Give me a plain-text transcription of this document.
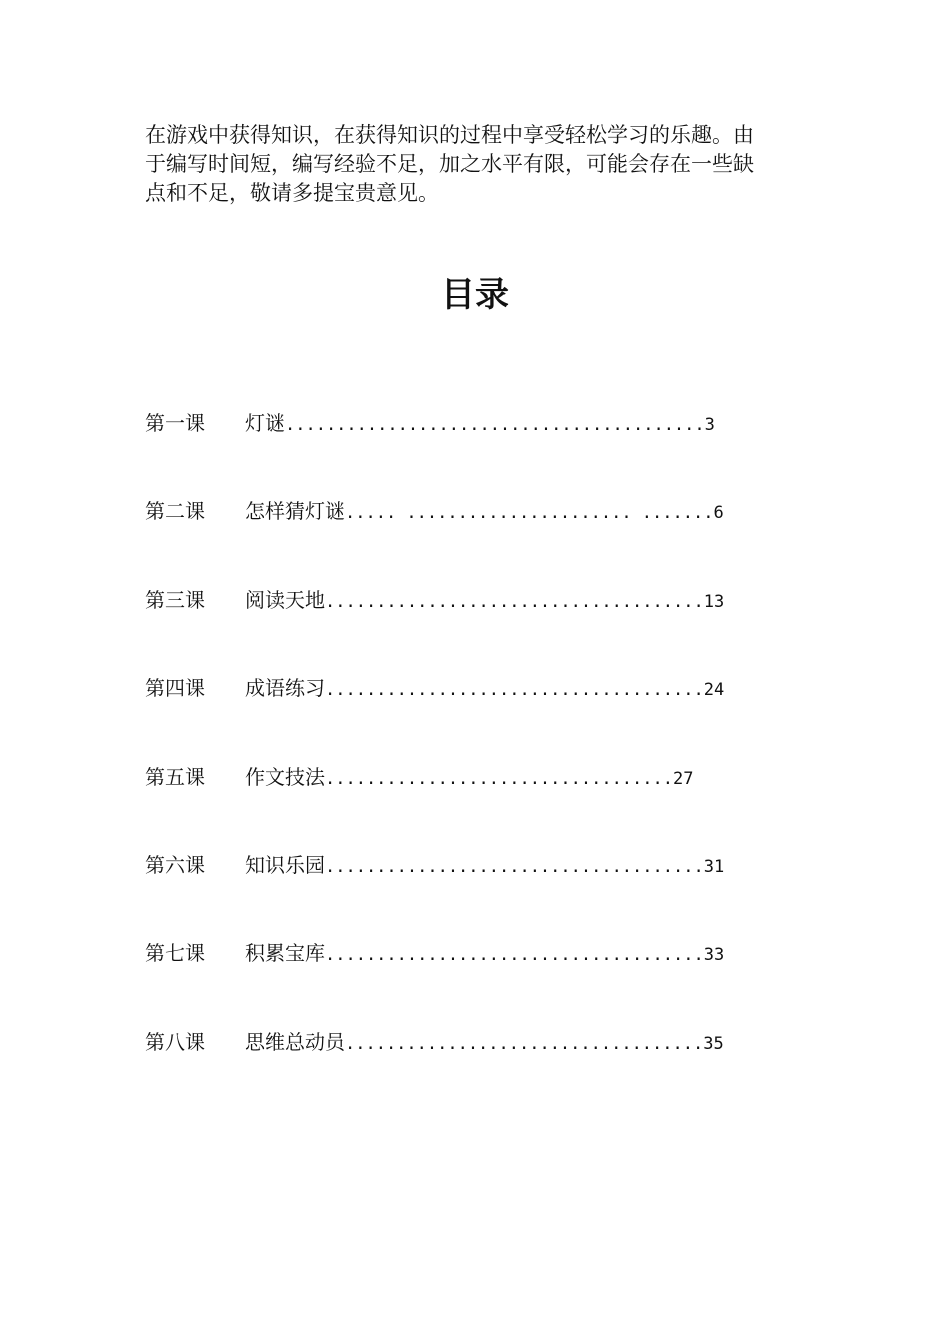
在游戏中获得知识，在获得知识的过程中享受轻松学习的乐趣。由

于编写时间短，编写经验不足，加之水平有限，可能会存在一些缺

点和不足，敬请多提宝贵意见。

目录
第一课 灯谜.........................................3
第二课 怎样猜灯谜..... ...................... .......6
第三课 阅读天地.....................................13
第四课 成语练习.....................................24
第五课 作文技法..................................27
第六课 知识乐园.....................................31
第七课 积累宝库.....................................33
第八课 思维总动员...................................35
